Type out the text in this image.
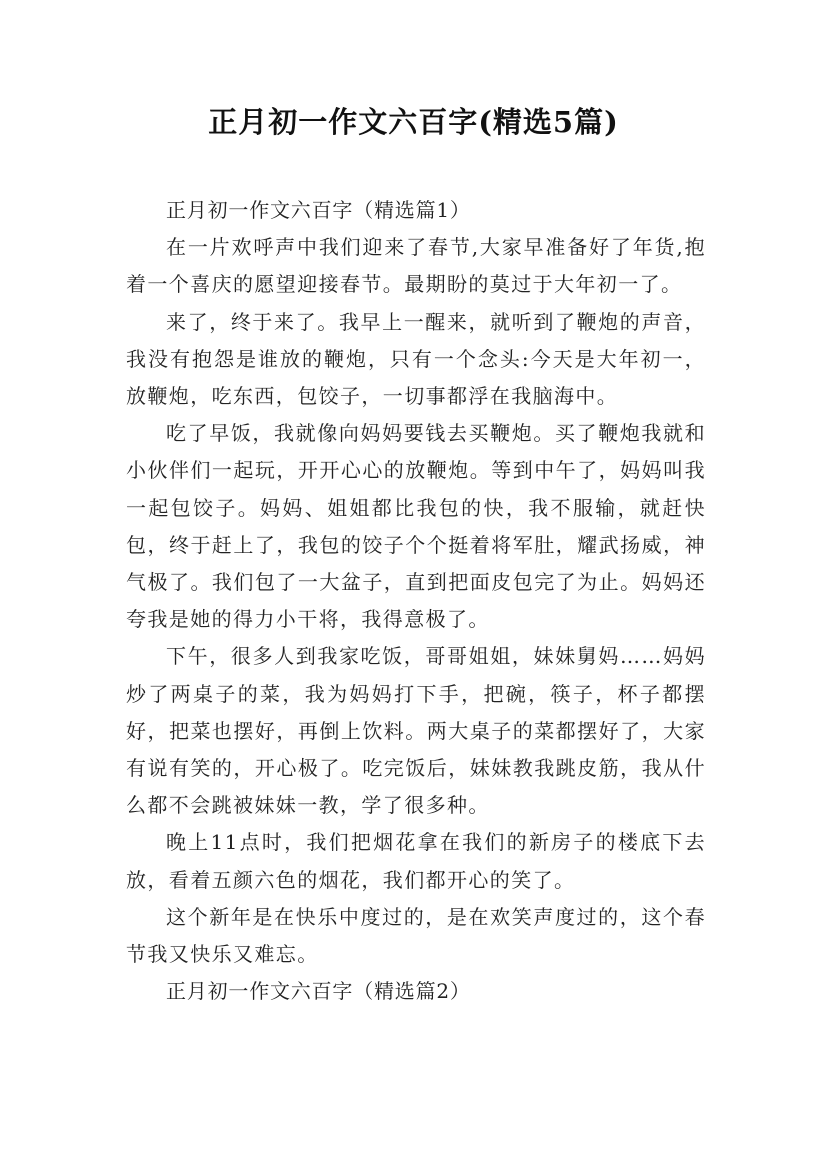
正月初一作文六百字(精选5篇)

正月初一作文六百字（精选篇1）

在一片欢呼声中我们迎来了春节,大家早准备好了年货,抱着一个喜庆的愿望迎接春节。最期盼的莫过于大年初一了。

来了，终于来了。我早上一醒来，就听到了鞭炮的声音，我没有抱怨是谁放的鞭炮，只有一个念头:今天是大年初一，放鞭炮，吃东西，包饺子，一切事都浮在我脑海中。

吃了早饭，我就像向妈妈要钱去买鞭炮。买了鞭炮我就和小伙伴们一起玩，开开心心的放鞭炮。等到中午了，妈妈叫我一起包饺子。妈妈、姐姐都比我包的快，我不服输，就赶快包，终于赶上了，我包的饺子个个挺着将军肚，耀武扬威，神气极了。我们包了一大盆子，直到把面皮包完了为止。妈妈还夸我是她的得力小干将，我得意极了。

下午，很多人到我家吃饭，哥哥姐姐，妹妹舅妈……妈妈炒了两桌子的菜，我为妈妈打下手，把碗，筷子，杯子都摆好，把菜也摆好，再倒上饮料。两大桌子的菜都摆好了，大家有说有笑的，开心极了。吃完饭后，妹妹教我跳皮筋，我从什么都不会跳被妹妹一教，学了很多种。

晚上11点时，我们把烟花拿在我们的新房子的楼底下去放，看着五颜六色的烟花，我们都开心的笑了。

这个新年是在快乐中度过的，是在欢笑声度过的，这个春节我又快乐又难忘。

正月初一作文六百字（精选篇2）
